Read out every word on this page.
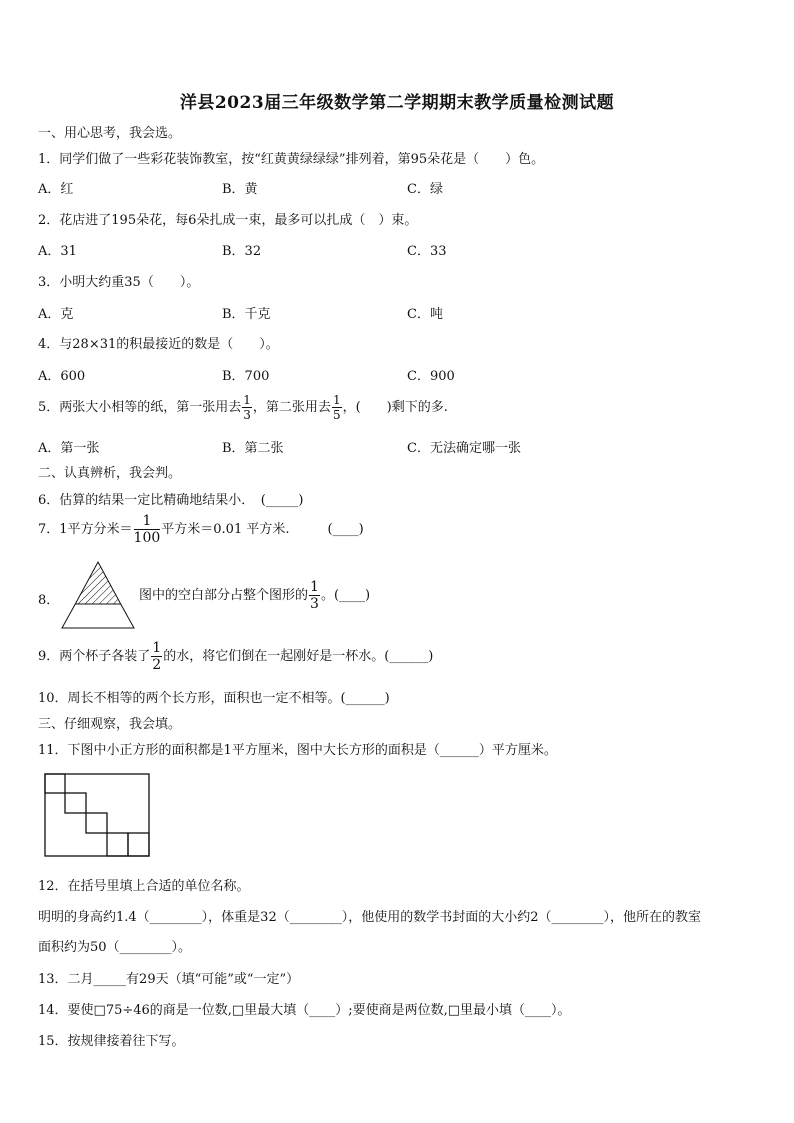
洋县2023届三年级数学第二学期期末教学质量检测试题
一、用心思考，我会选。
1．同学们做了一些彩花装饰教室，按“红黄黄绿绿绿”排列着，第95朵花是（　　）色。
A．红	B．黄	C．绿
2．花店进了195朵花，每6朵扎成一束，最多可以扎成（　）束。
A．31	B．32	C．33
3．小明大约重35（　　）。
A．克	B．千克	C．吨
4．与28×31的积最接近的数是（　　）。
A．600	B．700	C．900
5．两张大小相等的纸，第一张用去 $\frac{1}{3}$ ，第二张用去 $\frac{1}{5}$ ，(　　)剩下的多.
A．第一张	B．第二张	C．无法确定哪一张
二、认真辨析，我会判。
6．估算的结果一定比精确地结果小．　(_____)
7．1平方分米＝ $\frac{1}{100}$ 平方米＝0.01 平方米.	(____)
8．	图中的空白部分占整个图形的 $\frac{1}{3}$ 。(____)
9．两个杯子各装了 $\frac{1}{2}$ 的水，将它们倒在一起刚好是一杯水。(______)
10．周长不相等的两个长方形，面积也一定不相等。(______)
三、仔细观察，我会填。
11．下图中小正方形的面积都是1平方厘米，图中大长方形的面积是（______）平方厘米。
12．在括号里填上合适的单位名称。
明明的身高约1.4（________），体重是32（________），他使用的数学书封面的大小约2（________），他所在的教室
面积约为50（________）。
13．二月_____有29天（填“可能”或“一定”）
14．要使□75÷46的商是一位数,□里最大填（____）;要使商是两位数,□里最小填（____）。
15．按规律接着往下写。
